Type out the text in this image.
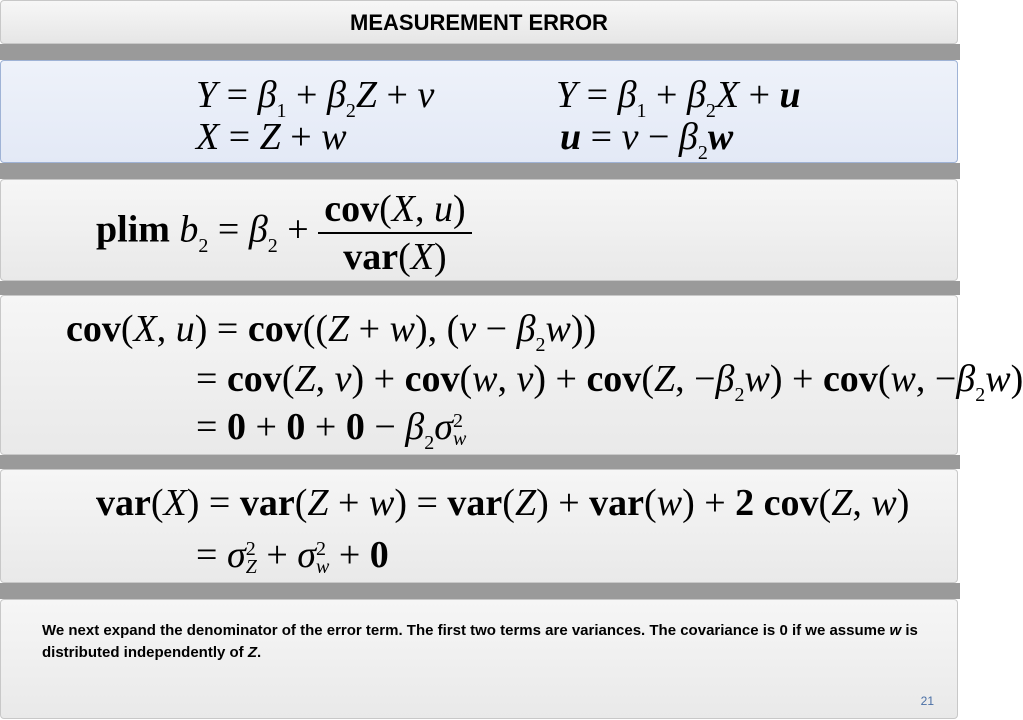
MEASUREMENT ERROR
$Y = \beta_1 + \beta_2Z + v$
X = Z + w
$Y = \beta_1 + \beta_2X + u$
$u = v - \beta_2w$
plim $b_2 = \beta_2 + \frac{\text{cov(X, u)}}{\text{var(X)}}$
cov(X, u) = cov((Z + w), $(v - \beta_2w)$)
= cov(Z, v) + cov(w, v) + cov(Z, $-\beta_2w) + cov(w$, $-\beta_2w$)
= $0 + 0 + 0 - \beta_2\sigma$ 2
w
var(X) = var(Z + w) = var(Z) + var(w) + 2 cov(Z, w)
= σ 2
Z + σ 2
w + 0
We next expand the denominator of the error term. The first two terms are variances. The covariance is 0 if we assume w is distributed independently of Z.
21
